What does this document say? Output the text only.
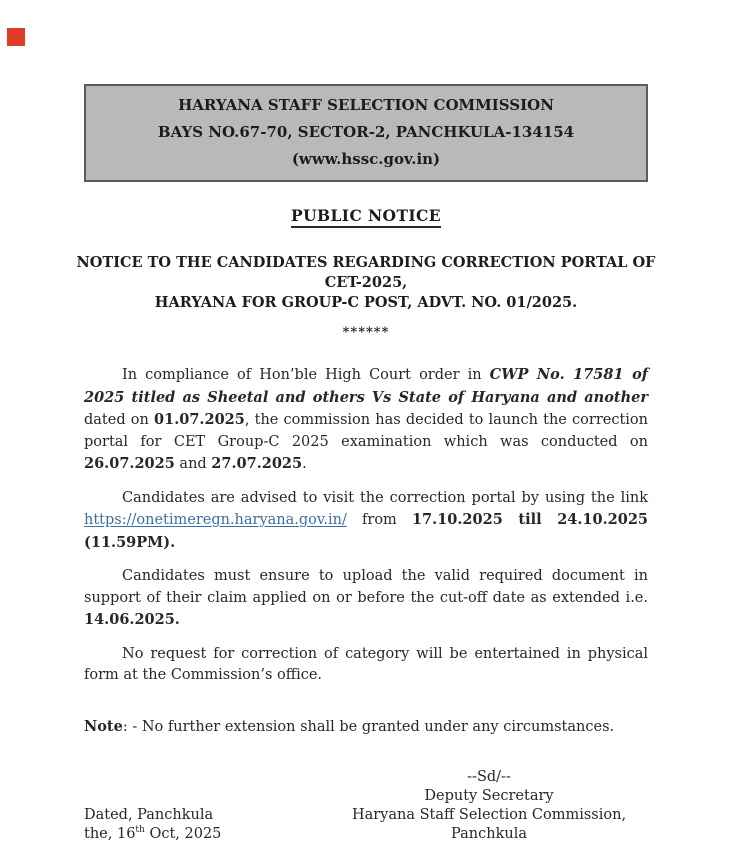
HARYANA STAFF SELECTION COMMISSION
BAYS NO.67-70, SECTOR-2, PANCHKULA-134154
(www.hssc.gov.in)
PUBLIC NOTICE
NOTICE TO THE CANDIDATES REGARDING CORRECTION PORTAL OF CET-2025,
HARYANA FOR GROUP-C POST, ADVT. NO. 01/2025.
******

In compliance of Hon’ble High Court order in CWP No. 17581 of 2025 titled as Sheetal and others Vs State of Haryana and another dated on 01.07.2025, the commission has decided to launch the correction portal for CET Group-C 2025 examination which was conducted on 26.07.2025 and 27.07.2025.

Candidates are advised to visit the correction portal by using the link https://onetimeregn.haryana.gov.in/ from 17.10.2025 till 24.10.2025 (11.59PM).

Candidates must ensure to upload the valid required document in support of their claim applied on or before the cut-off date as extended i.e. 14.06.2025.

No request for correction of category will be entertained in physical form at the Commission’s office.

Note: - No further extension shall be granted under any circumstances.

Dated, Panchkula
the, 16th Oct, 2025
--Sd/--
Deputy Secretary
Haryana Staff Selection Commission,
Panchkula
